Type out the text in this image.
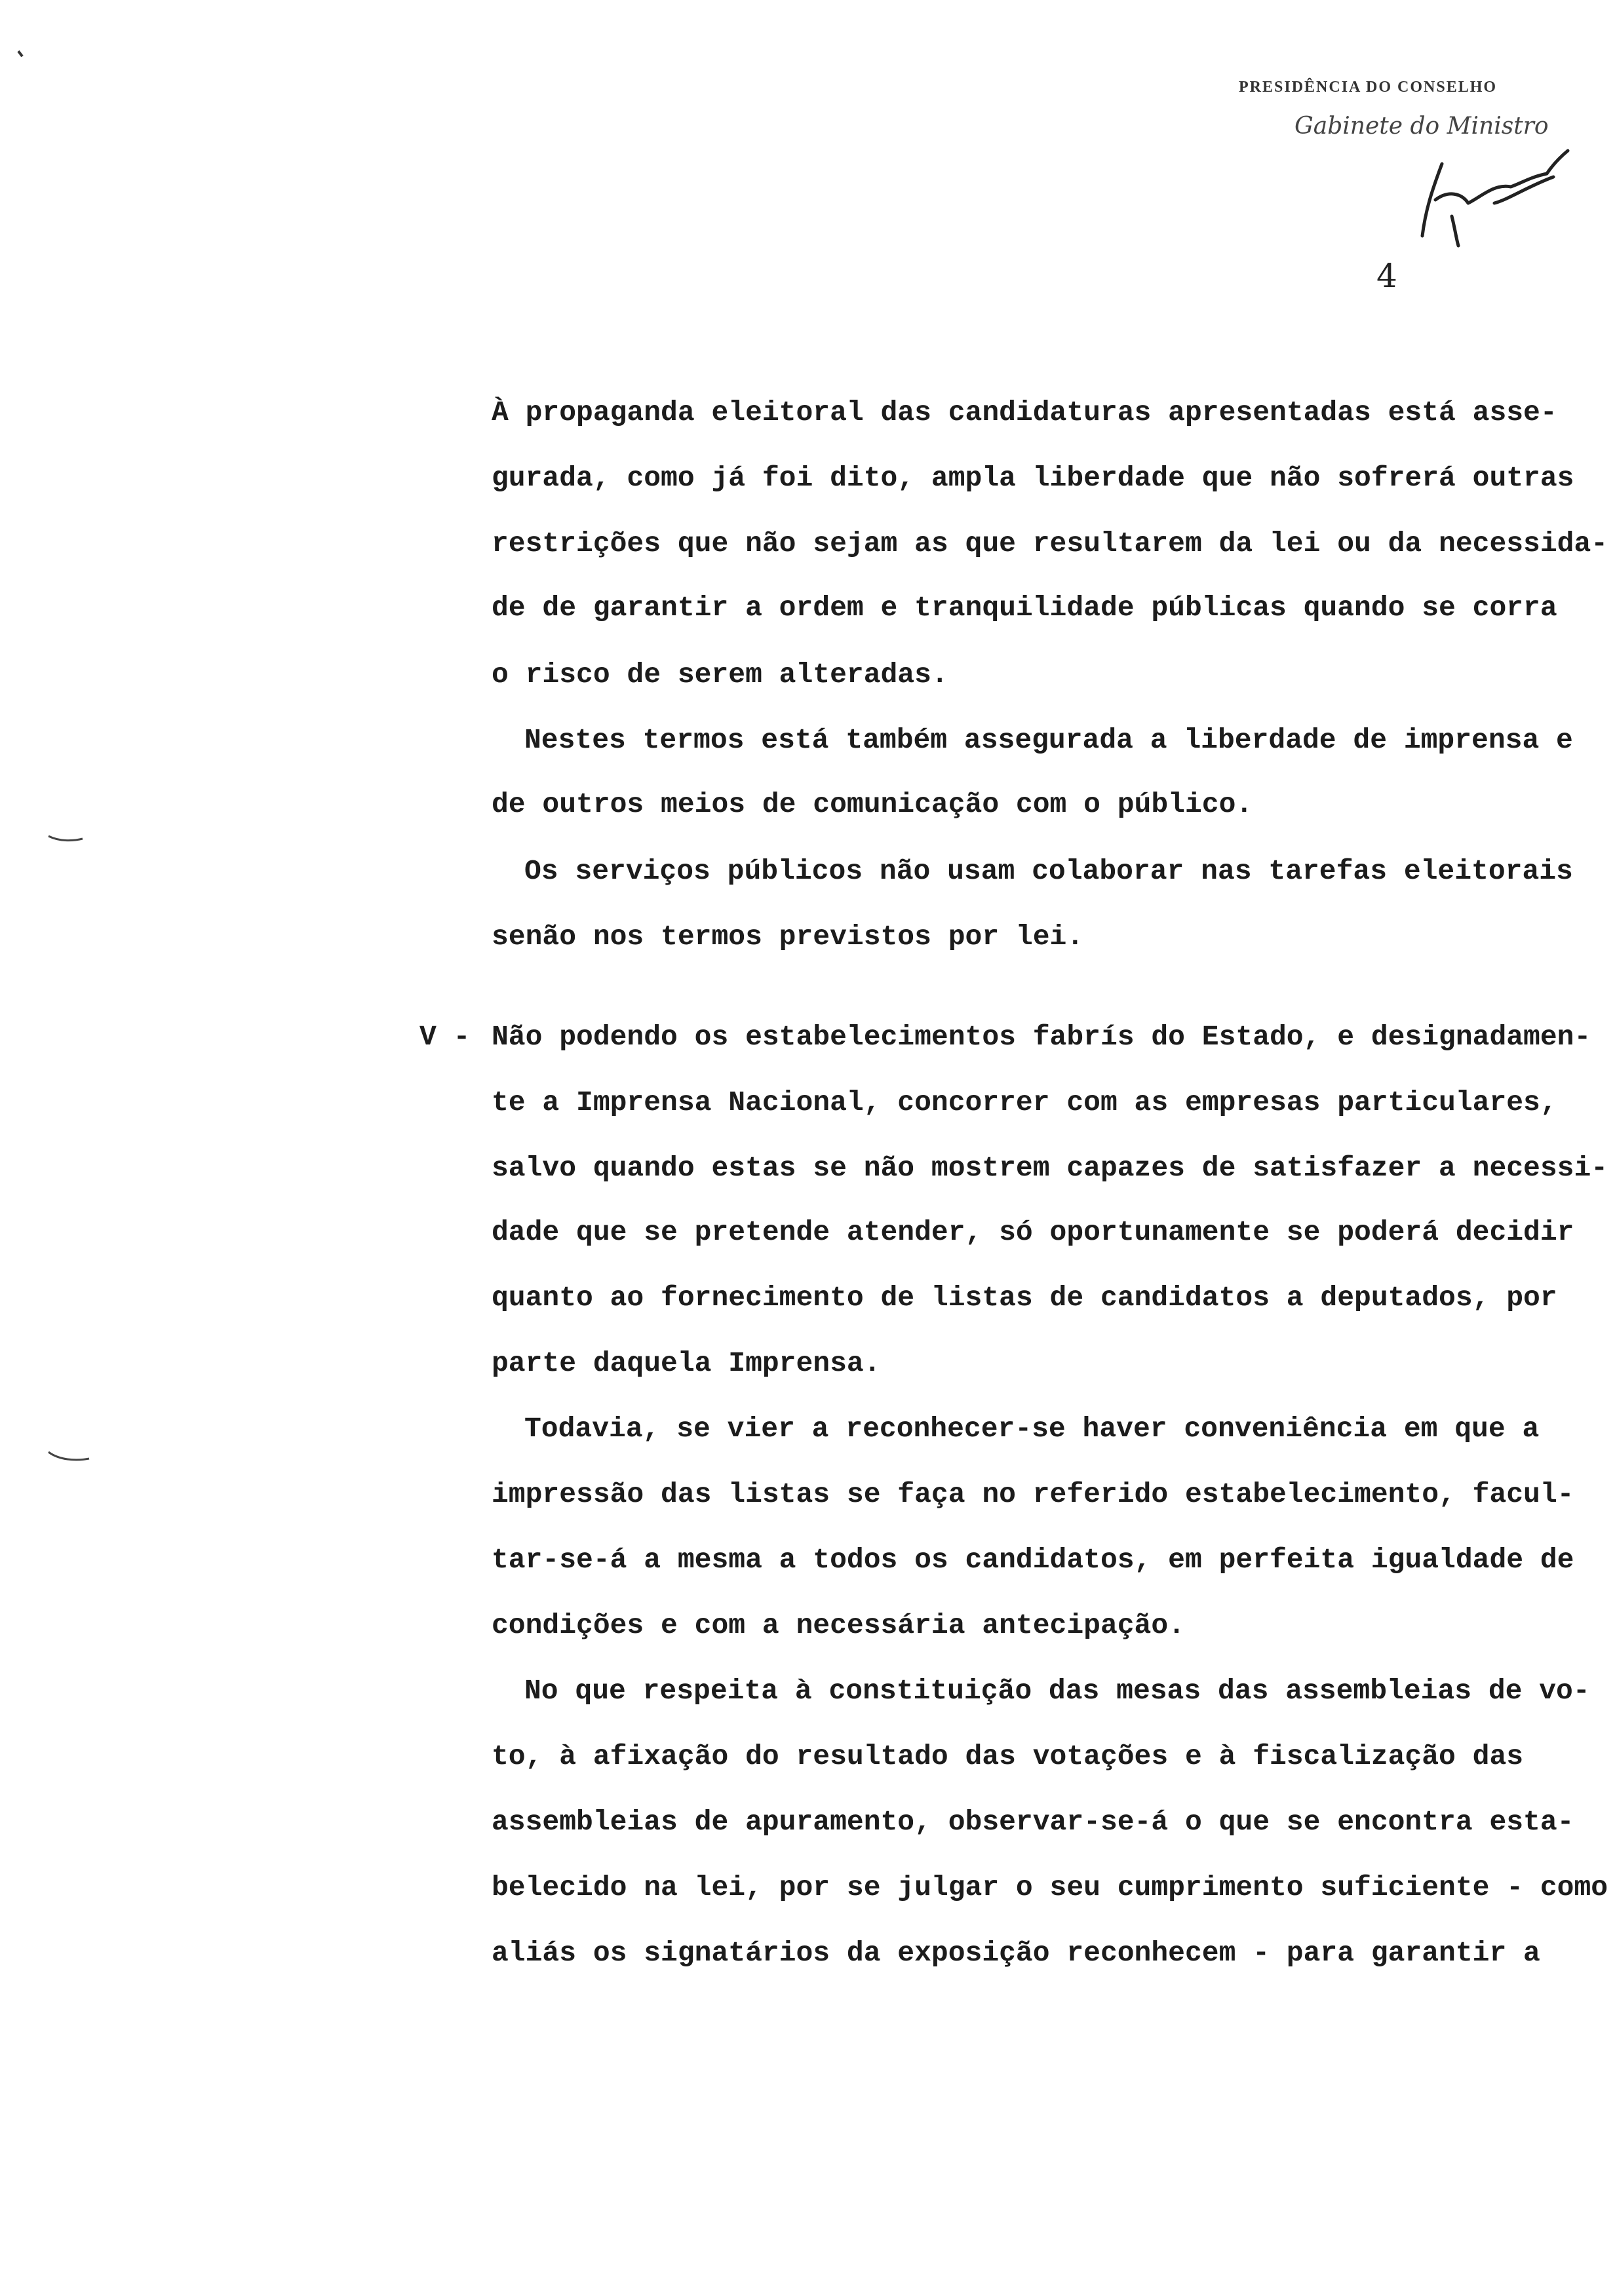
PRESIDÊNCIA DO CONSELHO
Gabinete do Ministro
4
À propaganda eleitoral das candidaturas apresentadas está asse-
gurada, como já foi dito, ampla liberdade que não sofrerá outras
restrições que não sejam as que resultarem da lei ou da necessida-
de de garantir a ordem e tranquilidade públicas quando se corra
o risco de serem alteradas.
Nestes termos está também assegurada a liberdade de imprensa e
de outros meios de comunicação com o público.
Os serviços públicos não usam colaborar nas tarefas eleitorais
senão nos termos previstos por lei.
V - Não podendo os estabelecimentos fabrís do Estado, e designadamen-
te a Imprensa Nacional, concorrer com as empresas particulares,
salvo quando estas se não mostrem capazes de satisfazer a necessi-
dade que se pretende atender, só oportunamente se poderá decidir
quanto ao fornecimento de listas de candidatos a deputados, por
parte daquela Imprensa.
Todavia, se vier a reconhecer-se haver conveniência em que a
impressão das listas se faça no referido estabelecimento, facul-
tar-se-á a mesma a todos os candidatos, em perfeita igualdade de
condições e com a necessária antecipação.
No que respeita à constituição das mesas das assembleias de vo-
to, à afixação do resultado das votações e à fiscalização das
assembleias de apuramento, observar-se-á o que se encontra esta-
belecido na lei, por se julgar o seu cumprimento suficiente - como
aliás os signatários da exposição reconhecem - para garantir a
